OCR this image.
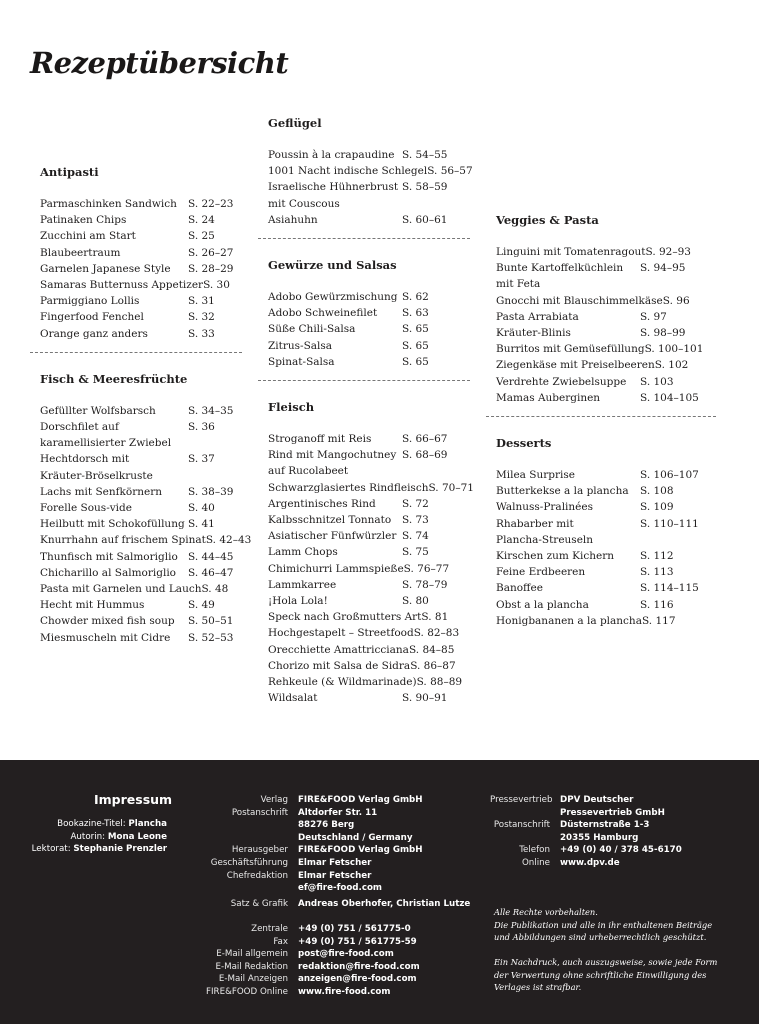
Rezeptübersicht
Antipasti
Parmaschinken Sandwich	S. 22–23
Patinaken Chips	S. 24
Zucchini am Start	S. 25
Blaubeertraum	S. 26–27
Garnelen Japanese Style	S. 28–29
Samaras Butternuss Appetizer S. 30
Parmiggiano Lollis	S. 31
Fingerfood Fenchel	S. 32
Orange ganz anders	S. 33
Fisch & Meeresfrüchte
Gefüllter Wolfsbarsch	S. 34–35
Dorschfilet auf	S. 36
karamellisierter Zwiebel
Hechtdorsch mit	S. 37
Kräuter-Bröselkruste
Lachs mit Senfkörnern	S. 38–39
Forelle Sous-vide	S. 40
Heilbutt mit Schokofüllung S. 41
Knurrhahn auf frischem Spinat S. 42–43
Thunfisch mit Salmoriglio S. 44–45
Chicharillo al Salmoriglio	S. 46–47
Pasta mit Garnelen und Lauch S. 48
Hecht mit Hummus	S. 49
Chowder mixed fish soup	S. 50–51
Miesmuscheln mit Cidre	S. 52–53
Geflügel
Poussin à la crapaudine S. 54–55
1001 Nacht indische Schlegel S. 56–57
Israelische Hühnerbrust S. 58–59
mit Couscous
Asiahuhn	S. 60–61
Gewürze und Salsas
Adobo Gewürzmischung S. 62
Adobo Schweinefilet	S. 63
Süße Chili-Salsa	S. 65
Zitrus-Salsa	S. 65
Spinat-Salsa	S. 65
Fleisch
Stroganoff mit Reis	S. 66–67
Rind mit Mangochutney S. 68–69
auf Rucolabeet
Schwarzglasiertes Rindfleisch S. 70–71
Argentinisches Rind	S. 72
Kalbsschnitzel Tonnato	S. 73
Asiatischer Fünfwürzler S. 74
Lamm Chops	S. 75
Chimichurri Lammspieße S. 76–77
Lammkarree	S. 78–79
¡Hola Lola!	S. 80
Speck nach Großmutters Art S. 81
Hochgestapelt – Streetfood S. 82–83
Orecchiette Amattricciana S. 84–85
Chorizo mit Salsa de Sidra S. 86–87
Rehkeule (& Wildmarinade) S. 88–89
Wildsalat	S. 90–91
Veggies & Pasta
Linguini mit Tomatenragout S. 92–93
Bunte Kartoffelküchlein	S. 94–95
mit Feta
Gnocchi mit Blauschimmelkäse S. 96
Pasta Arrabiata	S. 97
Kräuter-Blinis	S. 98–99
Burritos mit Gemüsefüllung S. 100–101
Ziegenkäse mit Preiselbeeren S. 102
Verdrehte Zwiebelsuppe	S. 103
Mamas Auberginen	S. 104–105
Desserts
Milea Surprise	S. 106–107
Butterkekse a la plancha	S. 108
Walnuss-Pralinées	S. 109
Rhabarber mit	S. 110–111
Plancha-Streuseln
Kirschen zum Kichern	S. 112
Feine Erdbeeren	S. 113
Banoffee	S. 114–115
Obst a la plancha	S. 116
Honigbananen a la plancha S. 117
Impressum
Bookazine-Titel: Plancha
Autorin: Mona Leone
Lektorat: Stephanie Prenzler
Verlag FIRE&FOOD Verlag GmbH
Postanschrift Altdorfer Str. 11
88276 Berg
Deutschland / Germany
Herausgeber FIRE&FOOD Verlag GmbH
Geschäftsführung Elmar Fetscher
Chefredaktion Elmar Fetscher
ef@fire-food.com
Satz & Grafik Andreas Oberhofer, Christian Lutze
Zentrale +49 (0) 751 / 561775-0
Fax +49 (0) 751 / 561775-59
E-Mail allgemein post@fire-food.com
E-Mail Redaktion redaktion@fire-food.com
E-Mail Anzeigen anzeigen@fire-food.com
FIRE&FOOD Online www.fire-food.com
Pressevertrieb DPV Deutscher
Pressevertrieb GmbH
Postanschrift Düsternstraße 1-3
20355 Hamburg
Telefon +49 (0) 40 / 378 45-6170
Online www.dpv.de
Alle Rechte vorbehalten.
Die Publikation und alle in ihr enthaltenen Beiträge
und Abbildungen sind urheberrechtlich geschützt.
Ein Nachdruck, auch auszugsweise, sowie jede Form
der Verwertung ohne schriftliche Einwilligung des
Verlages ist strafbar.
